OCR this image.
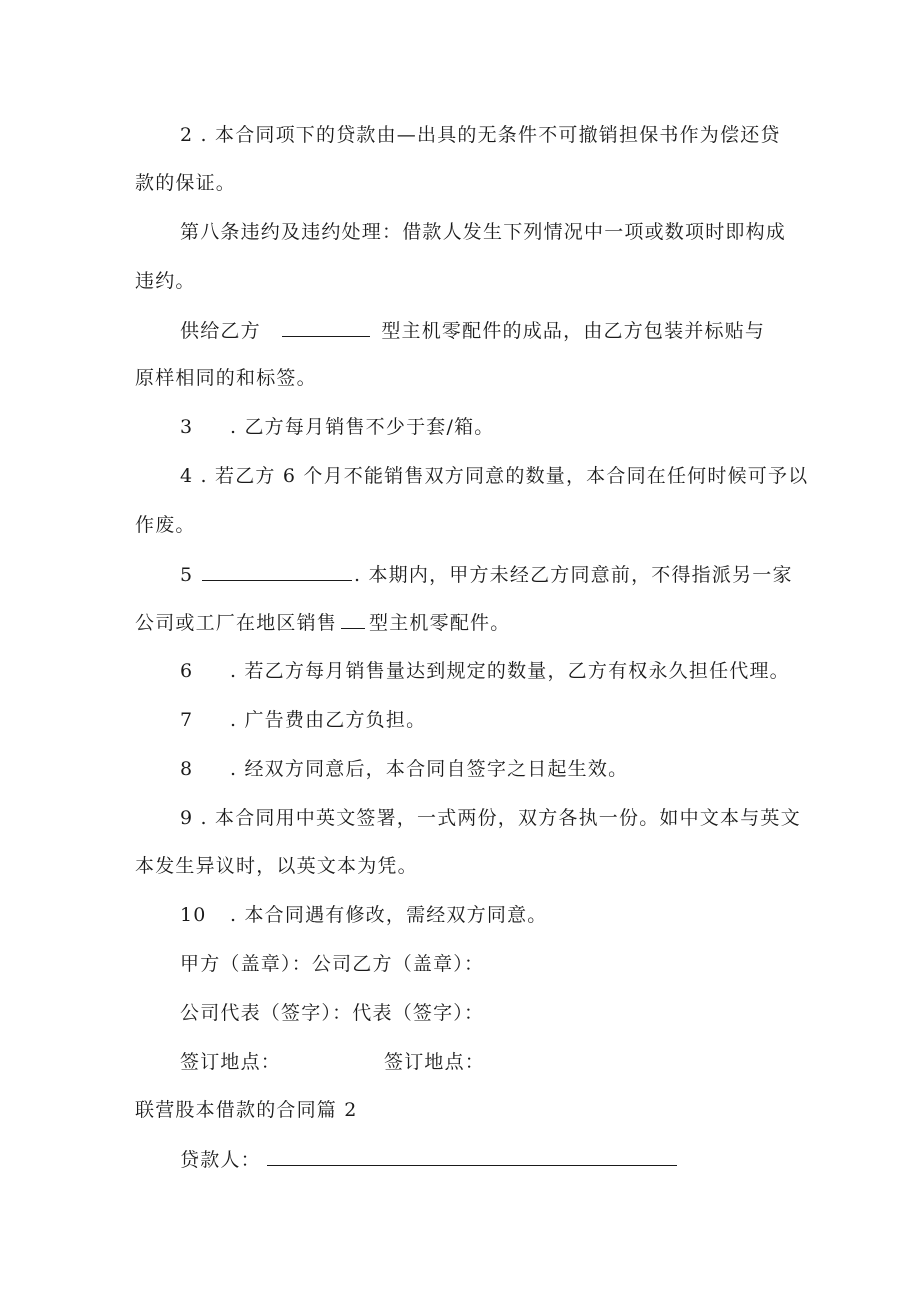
2 . 本合同项下的贷款由—出具的无条件不可撤销担保书作为偿还贷
款的保证。
第八条违约及违约处理：借款人发生下列情况中一项或数项时即构成
违约。
供给乙方	型主机零配件的成品，由乙方包装并标贴与
原样相同的和标签。
3 . 乙方每月销售不少于套/箱。
4 . 若乙方 6 个月不能销售双方同意的数量，本合同在任何时候可予以
作废。
5	. 本期内，甲方未经乙方同意前，不得指派另一家
公司或工厂在地区销售 型主机零配件。
6 . 若乙方每月销售量达到规定的数量，乙方有权永久担任代理。
7 . 广告费由乙方负担。
8 . 经双方同意后，本合同自签字之日起生效。
9 . 本合同用中英文签署，一式两份，双方各执一份。如中文本与英文
本发生异议时，以英文本为凭。
10 . 本合同遇有修改，需经双方同意。
甲方（盖章）：公司乙方（盖章）：
公司代表（签字）：代表（签字）：
签订地点：	签订地点：
联营股本借款的合同篇 2
贷款人：
